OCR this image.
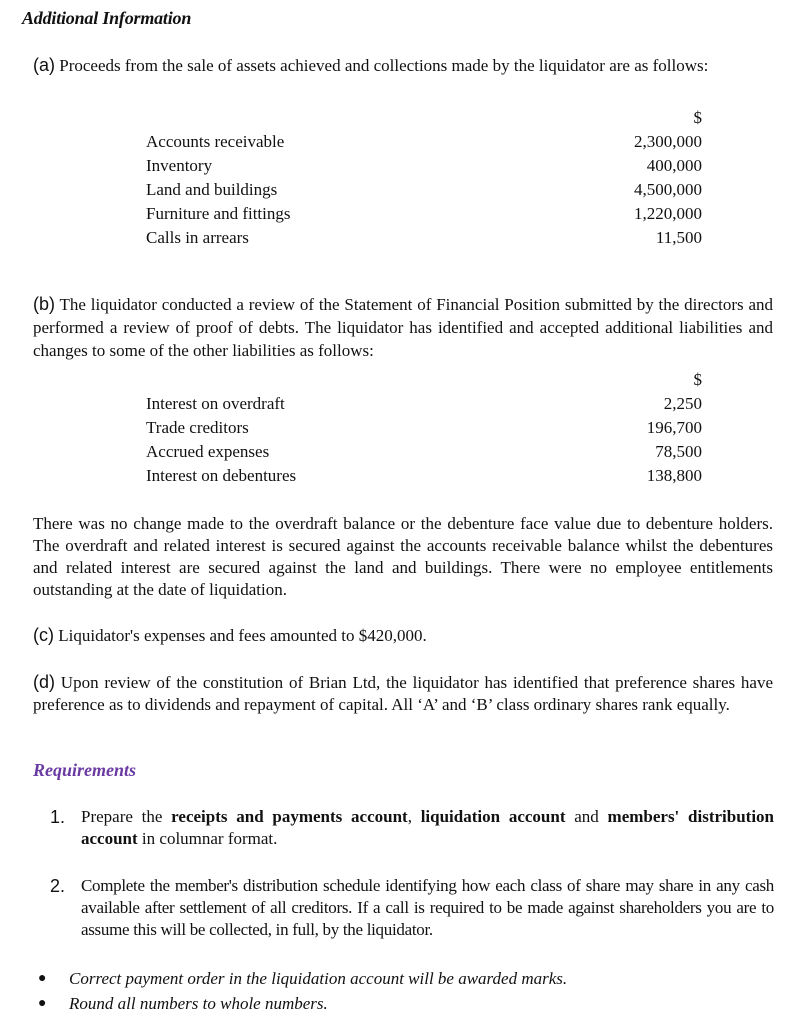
Additional Information
(a) Proceeds from the sale of assets achieved and collections made by the liquidator are as follows:
$
Accounts receivable	2,300,000
Inventory	400,000
Land and buildings	4,500,000
Furniture and fittings	1,220,000
Calls in arrears	11,500
(b) The liquidator conducted a review of the Statement of Financial Position submitted by the directors and performed a review of proof of debts. The liquidator has identified and accepted additional liabilities and changes to some of the other liabilities as follows:
$
Interest on overdraft	2,250
Trade creditors	196,700
Accrued expenses	78,500
Interest on debentures	138,800
There was no change made to the overdraft balance or the debenture face value due to debenture holders. The overdraft and related interest is secured against the accounts receivable balance whilst the debentures and related interest are secured against the land and buildings. There were no employee entitlements outstanding at the date of liquidation.
(c) Liquidator's expenses and fees amounted to $420,000.
(d) Upon review of the constitution of Brian Ltd, the liquidator has identified that preference shares have preference as to dividends and repayment of capital. All ‘A’ and ‘B’ class ordinary shares rank equally.
Requirements
1. Prepare the receipts and payments account, liquidation account and members' distribution account in columnar format.
2. Complete the member's distribution schedule identifying how each class of share may share in any cash available after settlement of all creditors. If a call is required to be made against shareholders you are to assume this will be collected, in full, by the liquidator.
●	Correct payment order in the liquidation account will be awarded marks.
●	Round all numbers to whole numbers.
